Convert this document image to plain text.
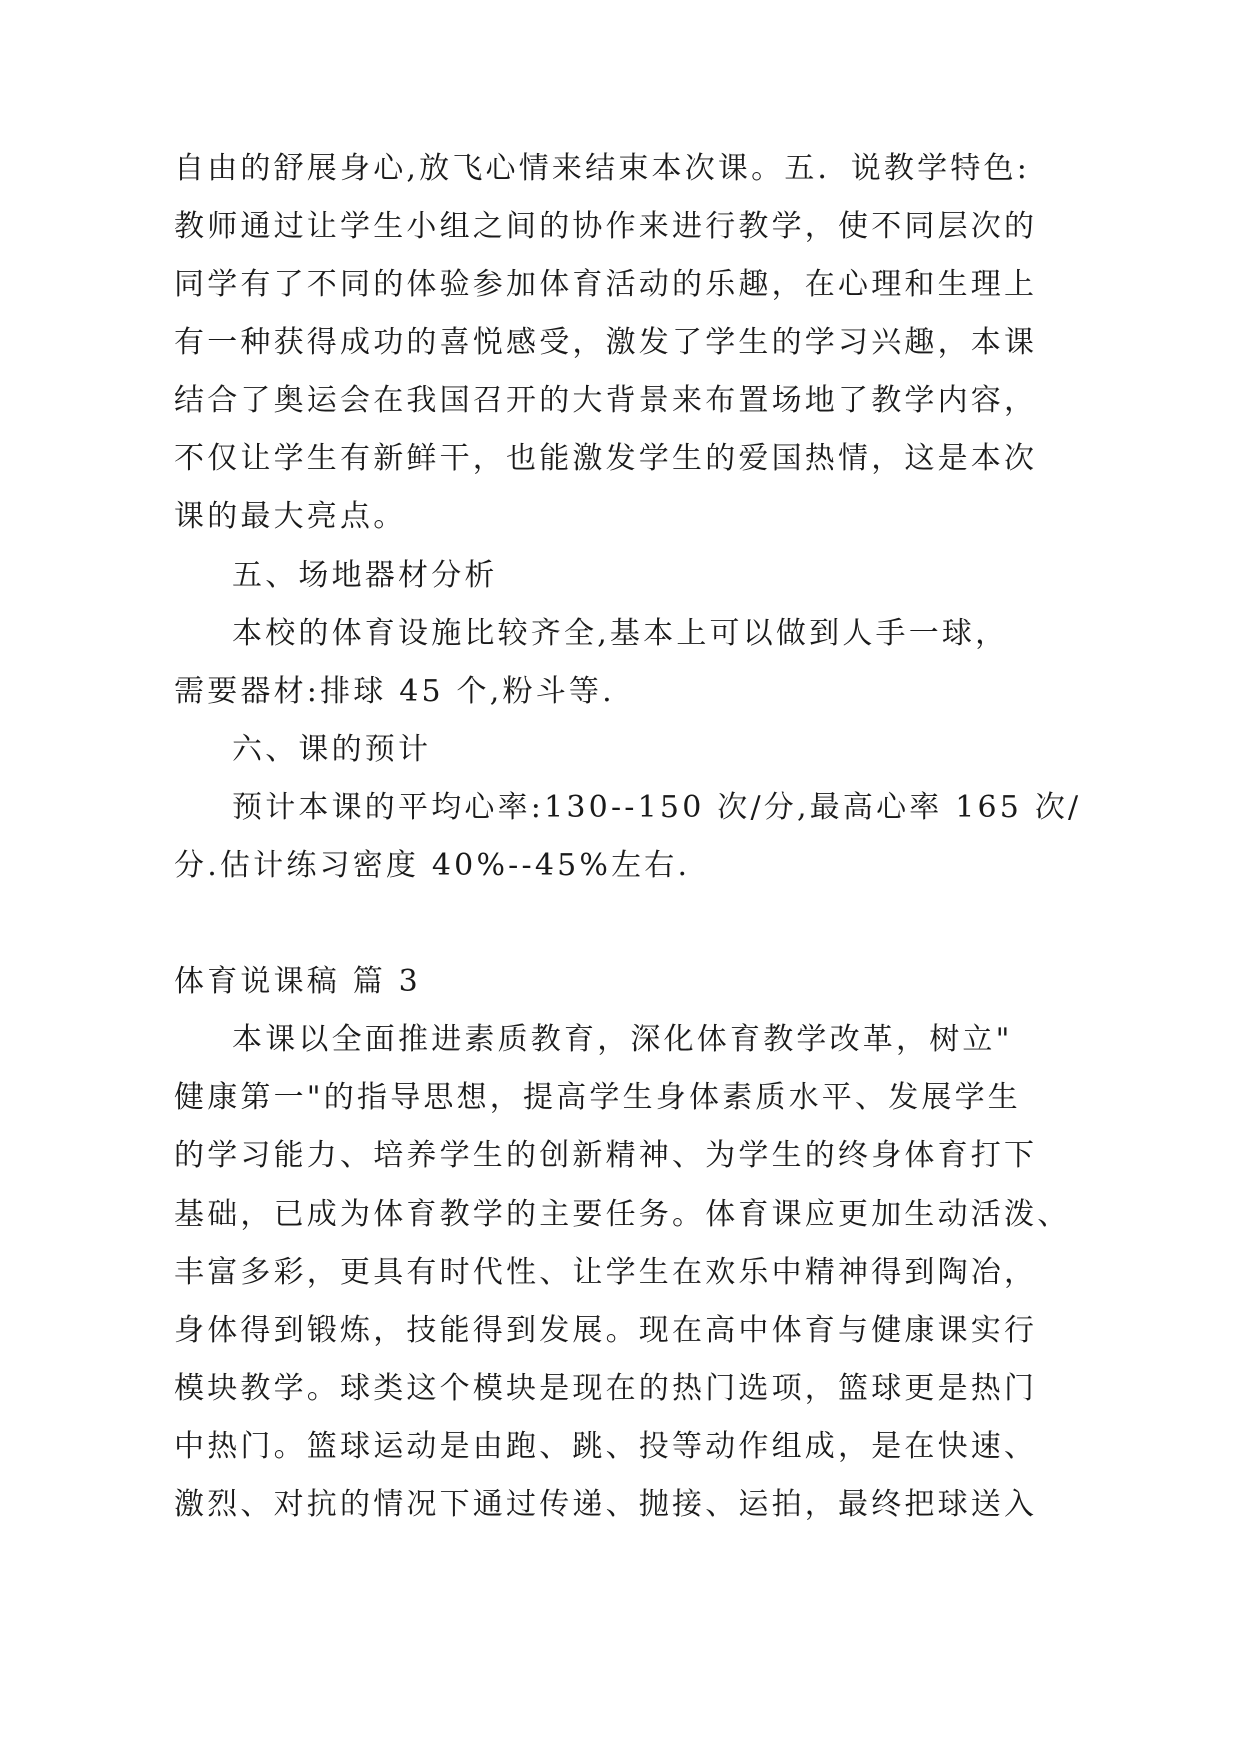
自由的舒展身心,放飞心情来结束本次课。五．说教学特色:
教师通过让学生小组之间的协作来进行教学，使不同层次的
同学有了不同的体验参加体育活动的乐趣，在心理和生理上
有一种获得成功的喜悦感受，激发了学生的学习兴趣，本课
结合了奥运会在我国召开的大背景来布置场地了教学内容，
不仅让学生有新鲜干，也能激发学生的爱国热情，这是本次
课的最大亮点。
五、场地器材分析
本校的体育设施比较齐全,基本上可以做到人手一球，
需要器材:排球 45 个,粉斗等.
六、课的预计
预计本课的平均心率:130--150 次/分,最高心率 165 次/
分.估计练习密度 40%--45%左右.
体育说课稿 篇 3
本课以全面推进素质教育，深化体育教学改革，树立"
健康第一"的指导思想，提高学生身体素质水平、发展学生
的学习能力、培养学生的创新精神、为学生的终身体育打下
基础，已成为体育教学的主要任务。体育课应更加生动活泼、
丰富多彩，更具有时代性、让学生在欢乐中精神得到陶冶，
身体得到锻炼，技能得到发展。现在高中体育与健康课实行
模块教学。球类这个模块是现在的热门选项，篮球更是热门
中热门。篮球运动是由跑、跳、投等动作组成，是在快速、
激烈、对抗的情况下通过传递、抛接、运拍，最终把球送入
